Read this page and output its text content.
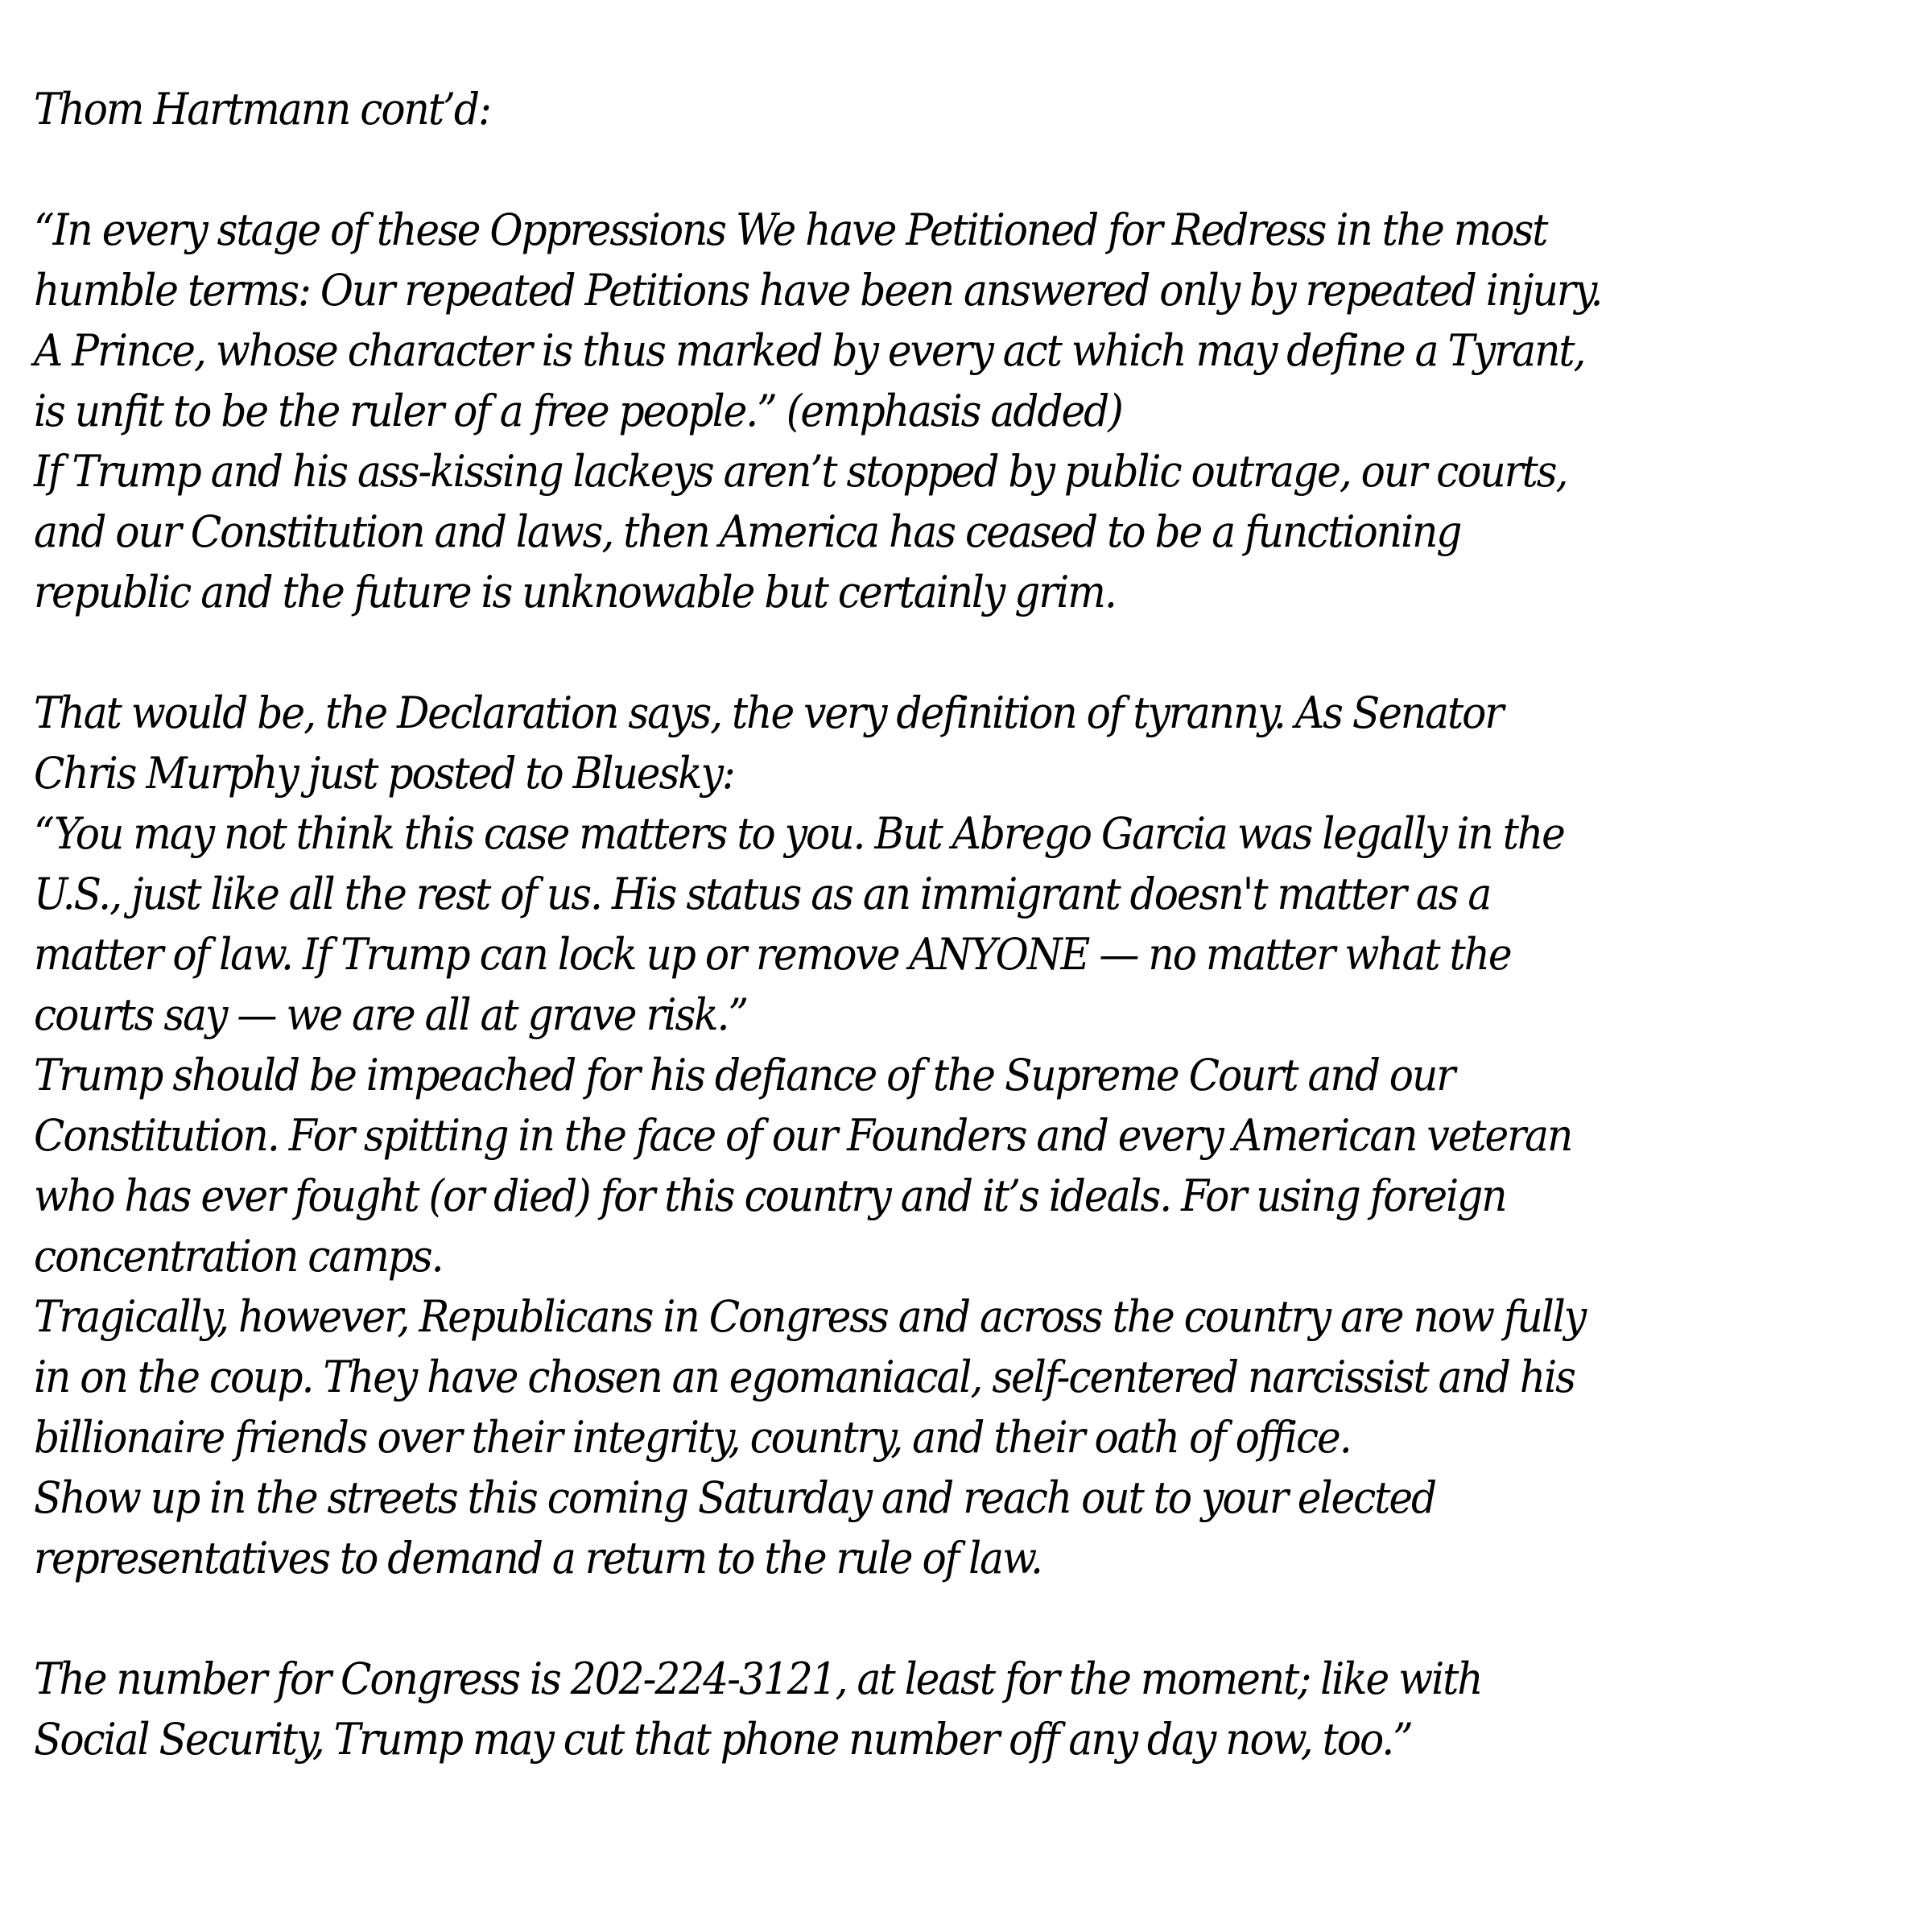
Thom Hartmann cont’d:
“In every stage of these Oppressions We have Petitioned for Redress in the most
humble terms: Our repeated Petitions have been answered only by repeated injury.
A Prince, whose character is thus marked by every act which may define a Tyrant,
is unfit to be the ruler of a free people.” (emphasis added)
If Trump and his ass-kissing lackeys aren’t stopped by public outrage, our courts,
and our Constitution and laws, then America has ceased to be a functioning
republic and the future is unknowable but certainly grim.
That would be, the Declaration says, the very definition of tyranny. As Senator
Chris Murphy just posted to Bluesky:
“You may not think this case matters to you. But Abrego Garcia was legally in the
U.S., just like all the rest of us. His status as an immigrant doesn't matter as a
matter of law. If Trump can lock up or remove ANYONE — no matter what the
courts say — we are all at grave risk.”
Trump should be impeached for his defiance of the Supreme Court and our
Constitution. For spitting in the face of our Founders and every American veteran
who has ever fought (or died) for this country and it’s ideals. For using foreign
concentration camps.
Tragically, however, Republicans in Congress and across the country are now fully
in on the coup. They have chosen an egomaniacal, self-centered narcissist and his
billionaire friends over their integrity, country, and their oath of office.
Show up in the streets this coming Saturday and reach out to your elected
representatives to demand a return to the rule of law.
The number for Congress is 202-224-3121, at least for the moment; like with
Social Security, Trump may cut that phone number off any day now, too.”
